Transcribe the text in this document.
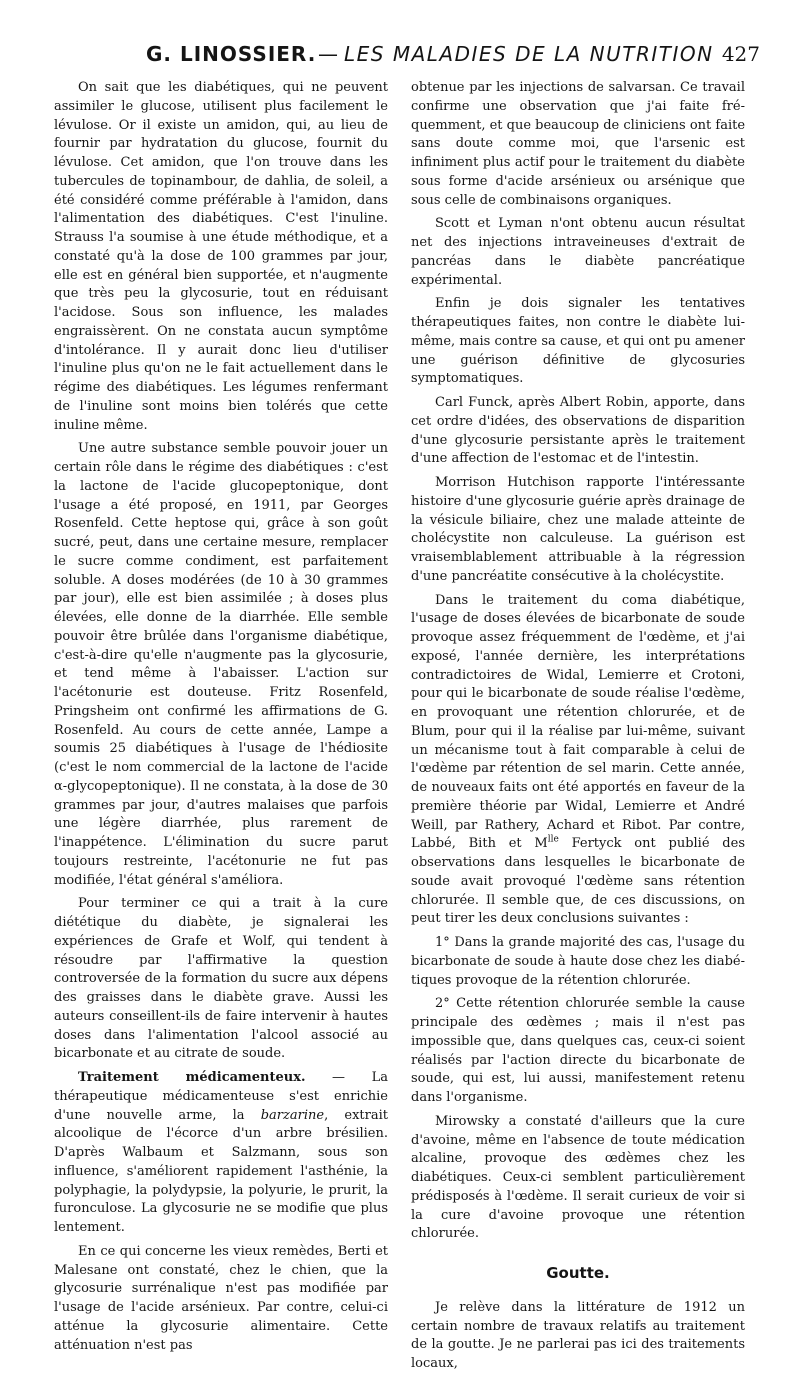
G. LINOSSIER. — LES MALADIES DE LA NUTRITION 427

On sait que les diabétiques, qui ne peuvent assimiler le glucose, utilisent plus facilement le lévulose. Or il existe un amidon, qui, au lieu de fournir par hydratation du glucose, fournit du lévulose. Cet amidon, que l'on trouve dans les tubercules de topinambour, de dahlia, de soleil, a été considéré comme préférable à l'amidon, dans l'alimentation des diabétiques. C'est l'inuline. Strauss l'a soumise à une étude méthodique, et a constaté qu'à la dose de 100 grammes par jour, elle est en général bien supportée, et n'augmente que très peu la glycosurie, tout en réduisant l'acidose. Sous son influence, les malades engraissèrent. On ne constata aucun symptôme d'intolérance. Il y aurait donc lieu d'utiliser l'inuline plus qu'on ne le fait actuellement dans le régime des diabétiques. Les légumes renfermant de l'inuline sont moins bien tolérés que cette inuline même.

Une autre substance semble pouvoir jouer un certain rôle dans le régime des diabétiques : c'est la lactone de l'acide glucopeptonique, dont l'usage a été proposé, en 1911, par Georges Rosenfeld. Cette heptose qui, grâce à son goût sucré, peut, dans une certaine mesure, remplacer le sucre comme condiment, est parfaitement soluble. A doses modérées (de 10 à 30 grammes par jour), elle est bien assimilée ; à doses plus élevées, elle donne de la diarrhée. Elle semble pouvoir être brûlée dans l'organisme diabétique, c'est-à-dire qu'elle n'augmente pas la glycosurie, et tend même à l'abaisser. L'action sur l'acétonurie est douteuse. Fritz Rosenfeld, Pringsheim ont confirmé les affirmations de G. Rosenfeld. Au cours de cette année, Lampe a soumis 25 diabétiques à l'usage de l'hédiosite (c'est le nom commercial de la lactone de l'acide α-glycopeptonique). Il ne constata, à la dose de 30 grammes par jour, d'autres malaises que parfois une légère diarrhée, plus rarement de l'inappétence. L'élimination du sucre parut toujours restreinte, l'acétonurie ne fut pas modifiée, l'état général s'améliora.

Pour terminer ce qui a trait à la cure diététique du diabète, je signalerai les expériences de Grafe et Wolf, qui tendent à résoudre par l'affirmative la question controversée de la formation du sucre aux dépens des graisses dans le diabète grave. Aussi les auteurs conseillent-ils de faire intervenir à hautes doses dans l'alimentation l'alcool associé au bicarbonate et au citrate de soude.

Traitement médicamenteux. — La thérapeutique médicamenteuse s'est enrichie d'une nouvelle arme, la barzarine, extrait alcoolique de l'écorce d'un arbre brésilien. D'après Walbaum et Salzmann, sous son influence, s'améliorent rapidement l'asthénie, la polyphagie, la polydypsie, la polyurie, le prurit, la furonculose. La glycosurie ne se modifie que plus lentement.

En ce qui concerne les vieux remèdes, Berti et Malesane ont constaté, chez le chien, que la glycosurie surrénalique n'est pas modifiée par l'usage de l'acide arsénieux. Par contre, celui-ci atténue la glycosurie alimentaire. Cette atténuation n'est pas

obtenue par les injections de salvarsan. Ce travail confirme une observation que j'ai faite fréquemment, et que beaucoup de cliniciens ont faite sans doute comme moi, que l'arsenic est infiniment plus actif pour le traitement du diabète sous forme d'acide arsénieux ou arsénique que sous celle de combinaisons organiques.

Scott et Lyman n'ont obtenu aucun résultat net des injections intraveineuses d'extrait de pancréas dans le diabète pancréatique expérimental.

Enfin je dois signaler les tentatives thérapeutiques faites, non contre le diabète lui-même, mais contre sa cause, et qui ont pu amener une guérison définitive de glycosuries symptomatiques.

Carl Funck, après Albert Robin, apporte, dans cet ordre d'idées, des observations de disparition d'une glycosurie persistante après le traitement d'une affection de l'estomac et de l'intestin.

Morrison Hutchison rapporte l'intéressante histoire d'une glycosurie guérie après drainage de la vésicule biliaire, chez une malade atteinte de cholécystite non calculeuse. La guérison est vraisemblablement attribuable à la régression d'une pancréatite consécutive à la cholécystite.

Dans le traitement du coma diabétique, l'usage de doses élevées de bicarbonate de soude provoque assez fréquemment de l'œdème, et j'ai exposé, l'année dernière, les interprétations contradictoires de Widal, Lemierre et Crotoni, pour qui le bicarbonate de soude réalise l'œdème, en provoquant une rétention chlorurée, et de Blum, pour qui il la réalise par lui-même, suivant un mécanisme tout à fait comparable à celui de l'œdème par rétention de sel marin. Cette année, de nouveaux faits ont été apportés en faveur de la première théorie par Widal, Lemierre et André Weill, par Rathery, Achard et Ribot. Par contre, Labbé, Bith et $M^{lle}$ Fertyck ont publié des observations dans lesquelles le bicarbonate de soude avait provoqué l'œdème sans rétention chlorurée. Il semble que, de ces discussions, on peut tirer les deux conclusions suivantes :

1° Dans la grande majorité des cas, l'usage du bicarbonate de soude à haute dose chez les diabétiques provoque de la rétention chlorurée.

2° Cette rétention chlorurée semble la cause principale des œdèmes ; mais il n'est pas impossible que, dans quelques cas, ceux-ci soient réalisés par l'action directe du bicarbonate de soude, qui est, lui aussi, manifestement retenu dans l'organisme.

Mirowsky a constaté d'ailleurs que la cure d'avoine, même en l'absence de toute médication alcaline, provoque des œdèmes chez les diabétiques. Ceux-ci semblent particulièrement prédisposés à l'œdème. Il serait curieux de voir si la cure d'avoine provoque une rétention chlorurée.

Goutte.

Je relève dans la littérature de 1912 un certain nombre de travaux relatifs au traitement de la goutte. Je ne parlerai pas ici des traitements locaux,
